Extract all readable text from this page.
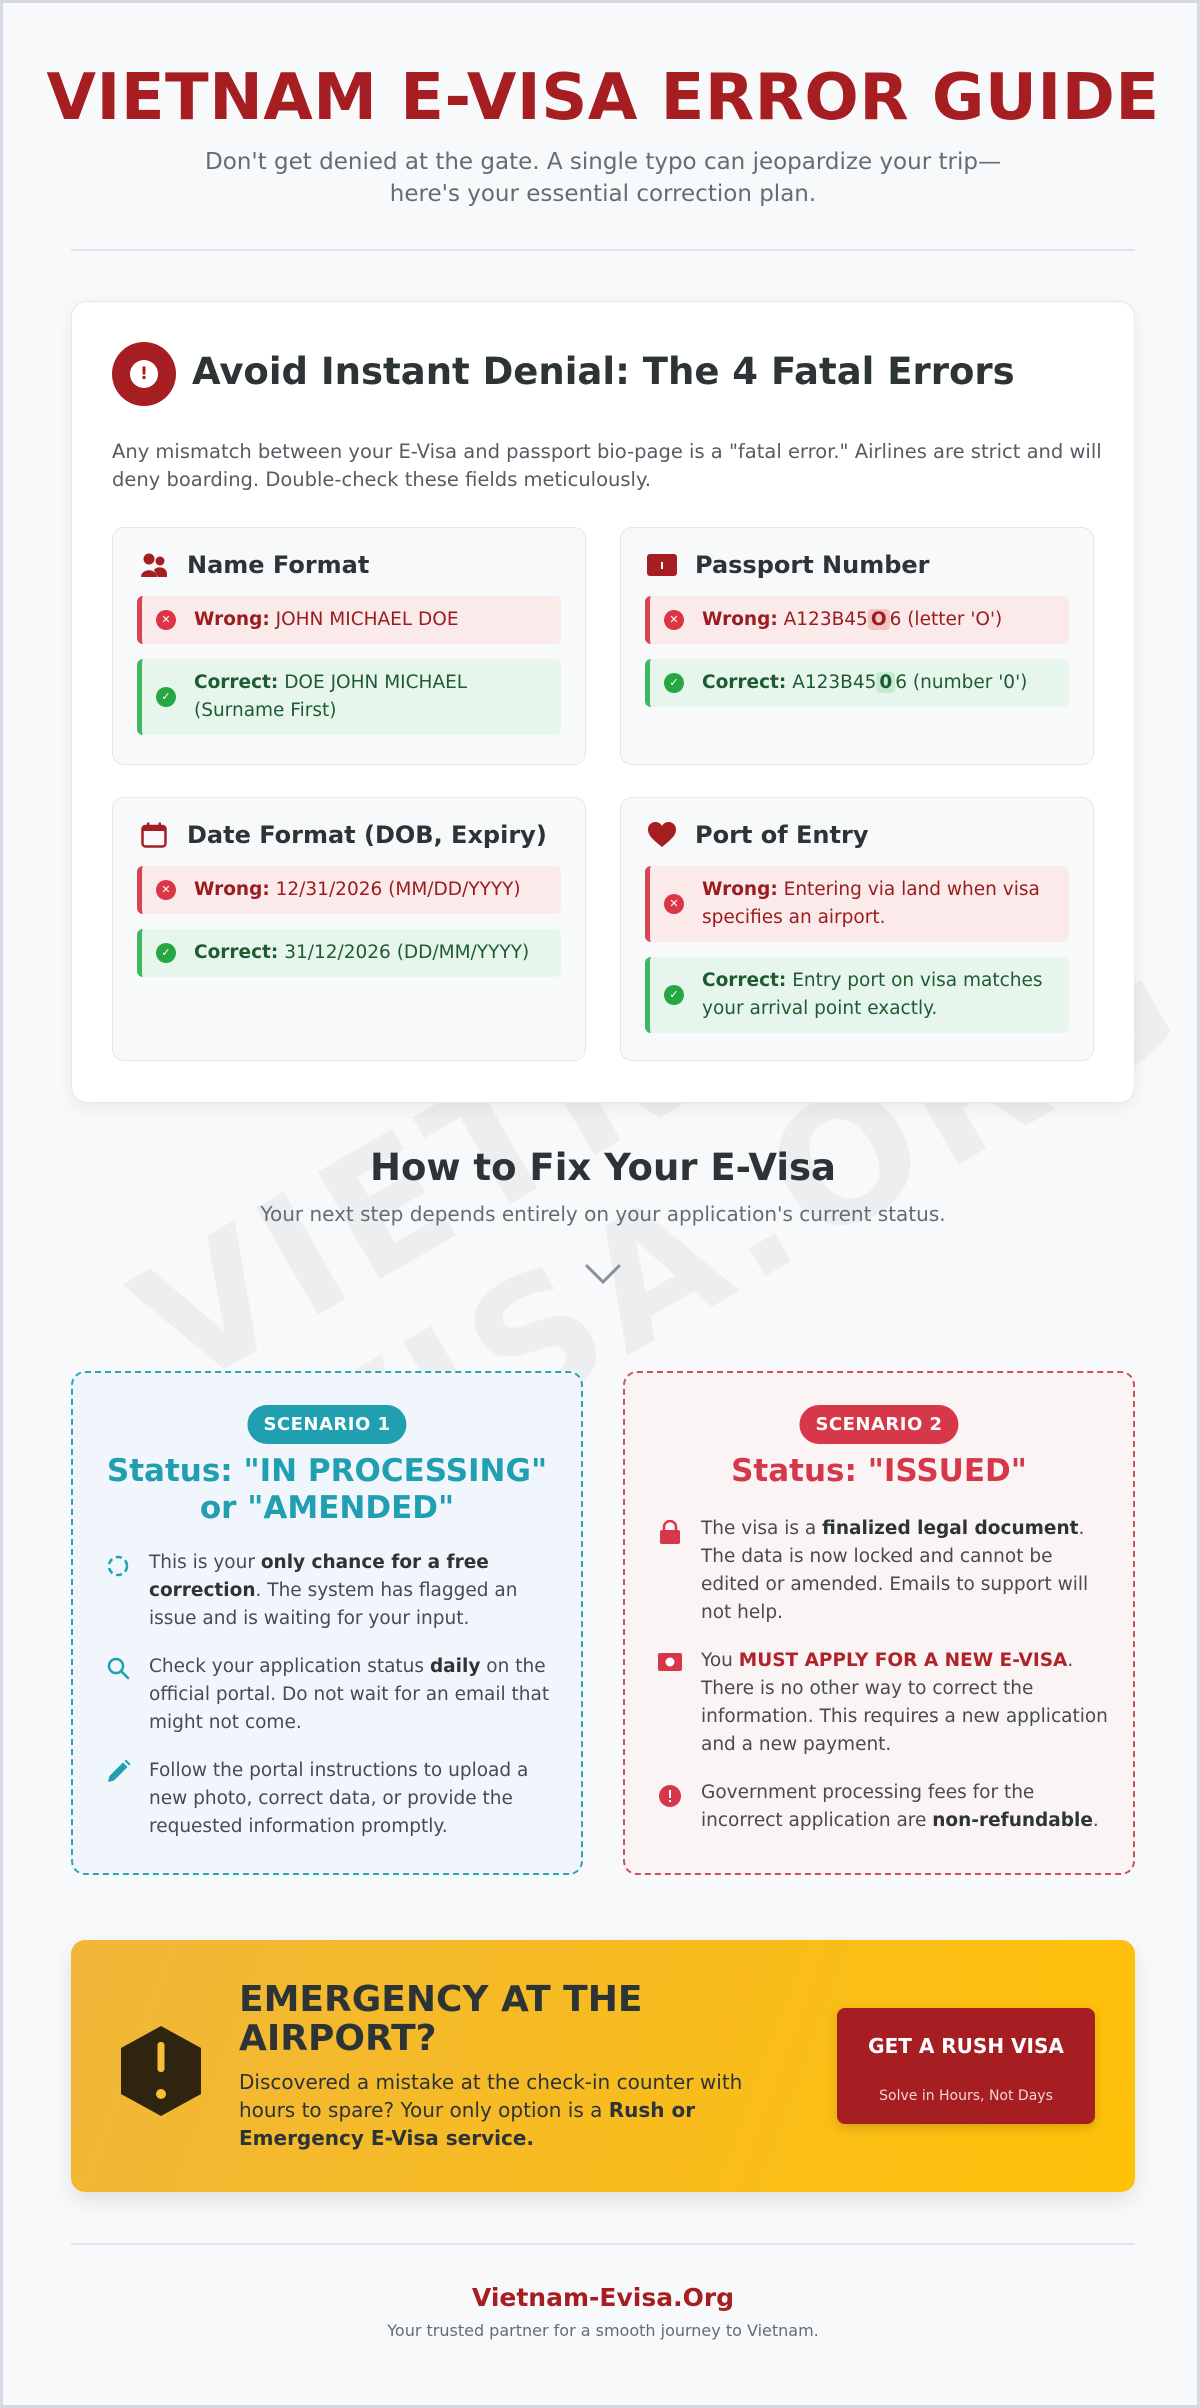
VIETNAM E-VISA ERROR GUIDE

Don't get denied at the gate. A single typo can jeopardize your trip—here's your essential correction plan.

! Avoid Instant Denial: The 4 Fatal Errors

Any mismatch between your E-Visa and passport bio-page is a "fatal error." Airlines are strict and will deny boarding. Double-check these fields meticulously.

Name Format
✕ Wrong: JOHN MICHAEL DOE
✓
Correct: DOE JOHN MICHAEL (Surname First)
Passport Number
✕ Wrong: A123B45 O 6 (letter 'O')
✓ Correct: A123B45 0 6 (number '0')
Date Format (DOB, Expiry)
✕ Wrong: 12/31/2026 (MM/DD/YYYY)
✓ Correct: 31/12/2026 (DD/MM/YYYY)
Port of Entry
✕
Wrong: Entering via land when visa specifies an airport.
✓
Correct: Entry port on visa matches your arrival point exactly.
How to Fix Your E-Visa

Your next step depends entirely on your application's current status.

SCENARIO 1
Status: "IN PROCESSING" or "AMENDED"

This is your only chance for a free correction. The system has flagged an issue and is waiting for your input.

Check your application status daily on the official portal. Do not wait for an email that might not come.

Follow the portal instructions to upload a new photo, correct data, or provide the requested information promptly.

SCENARIO 2
Status: "ISSUED"

The visa is a finalized legal document. The data is now locked and cannot be edited or amended. Emails to support will not help.

You MUST APPLY FOR A NEW E-VISA. There is no other way to correct the information. This requires a new application and a new payment.

Government processing fees for the incorrect application are non-refundable.

EMERGENCY AT THE AIRPORT?

Discovered a mistake at the check-in counter with hours to spare? Your only option is a Rush or Emergency E-Visa service.

GET A RUSH VISA
Solve in Hours, Not Days
Vietnam-Evisa.Org
Your trusted partner for a smooth journey to Vietnam.
